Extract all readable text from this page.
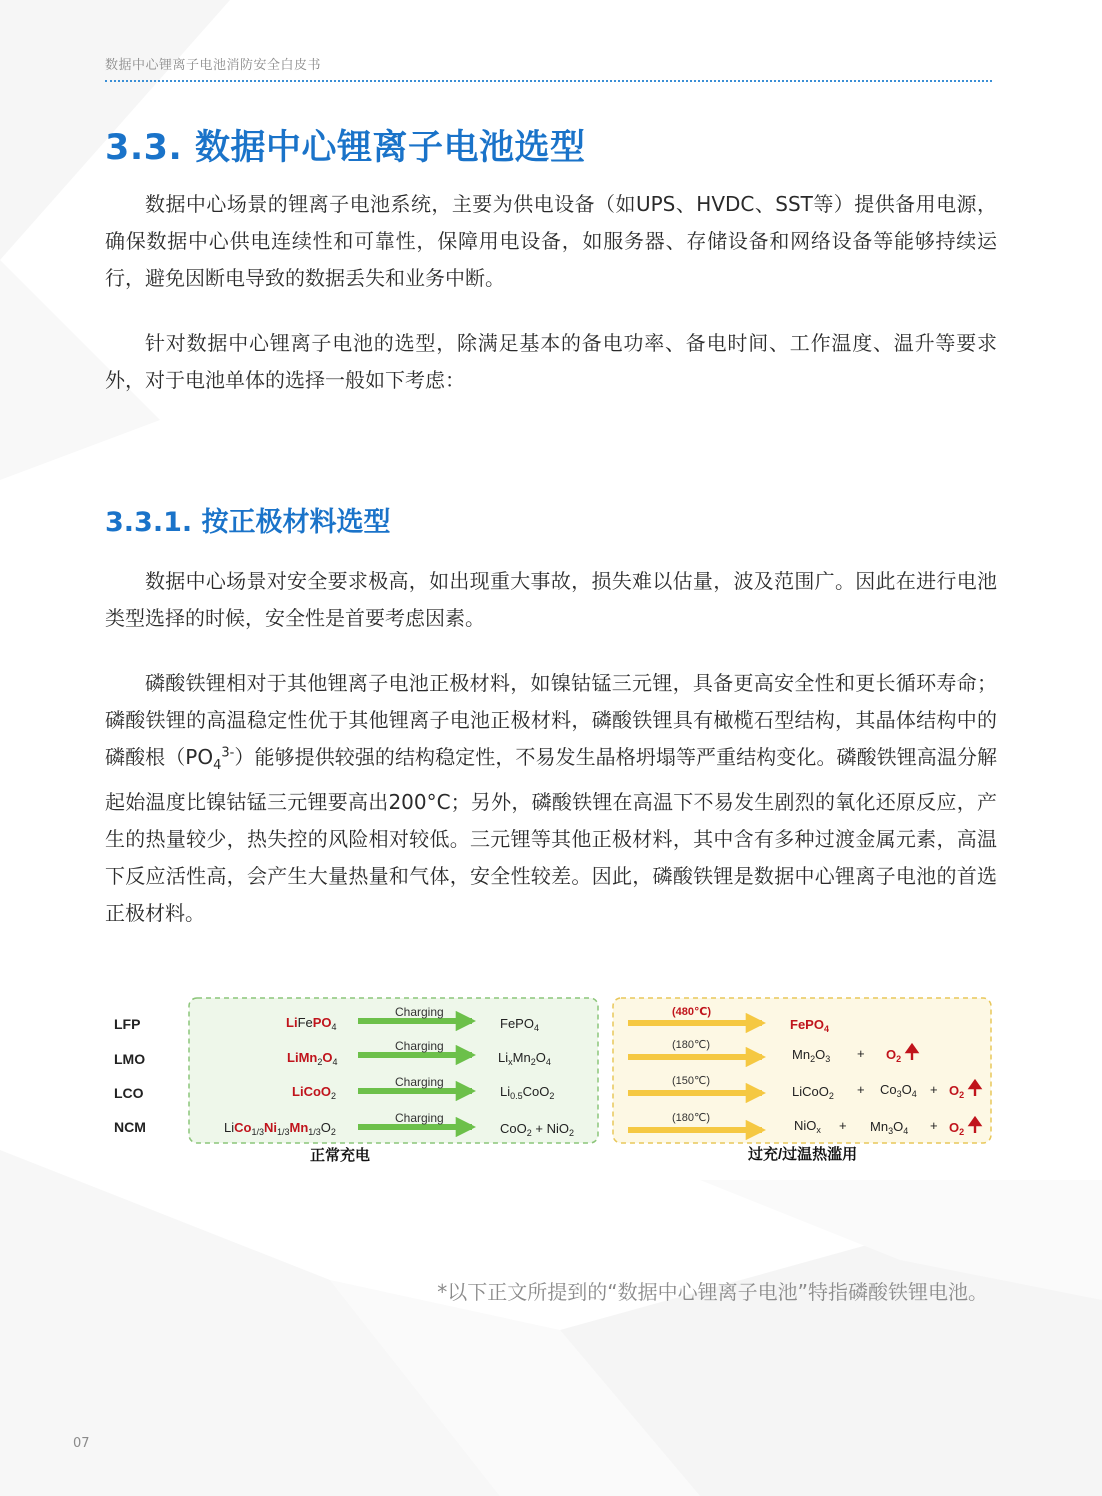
数据中心锂离子电池消防安全白皮书
3.3. 数据中心锂离子电池选型

数据中心场景的锂离子电池系统，主要为供电设备（如UPS、HVDC、SST等）提供备用电源，确保数据中心供电连续性和可靠性，保障用电设备，如服务器、存储设备和网络设备等能够持续运行，避免因断电导致的数据丢失和业务中断。

针对数据中心锂离子电池的选型，除满足基本的备电功率、备电时间、工作温度、温升等要求外，对于电池单体的选择一般如下考虑：

3.3.1. 按正极材料选型

数据中心场景对安全要求极高，如出现重大事故，损失难以估量，波及范围广。因此在进行电池类型选择的时候，安全性是首要考虑因素。

磷酸铁锂相对于其他锂离子电池正极材料，如镍钴锰三元锂，具备更高安全性和更长循环寿命；磷酸铁锂的高温稳定性优于其他锂离子电池正极材料，磷酸铁锂具有橄榄石型结构，其晶体结构中的磷酸根$(PO_4^{3-})$能够提供较强的结构稳定性，不易发生晶格坍塌等严重结构变化。磷酸铁锂高温分解起始温度比镍钴锰三元锂要高出200°C；另外，磷酸铁锂在高温下不易发生剧烈的氧化还原反应，产生的热量较少，热失控的风险相对较低。三元锂等其他正极材料，其中含有多种过渡金属元素，高温下反应活性高，会产生大量热量和气体，安全性较差。因此，磷酸铁锂是数据中心锂离子电池的首选正极材料。

LFP
LMO
LCO
NCM
LiFePO$_4$
$LiMn_2O_4$
LiCoO$_2$
$LiCo_{1/3}Ni_{1/3}Mn_{1/3}O_2$
Charging
Charging
Charging
Charging
FePO$_4$
$Li_xMn_2O_4$
$Li_{0.5}CoO_2$
CoO$_2$ + NiO$_2$
(480℃)
(180℃)
(150℃)
(180℃)
FePO$_4$
$Mn_2O_3 + O_2$
LiCoO$_2$ + $Co_3O_4 + O_2$
$NiO_x + Mn_3O_4 + O_2$
正常充电	过充/过温热滥用
*以下正文所提到的“数据中心锂离子电池”特指磷酸铁锂电池。
07
